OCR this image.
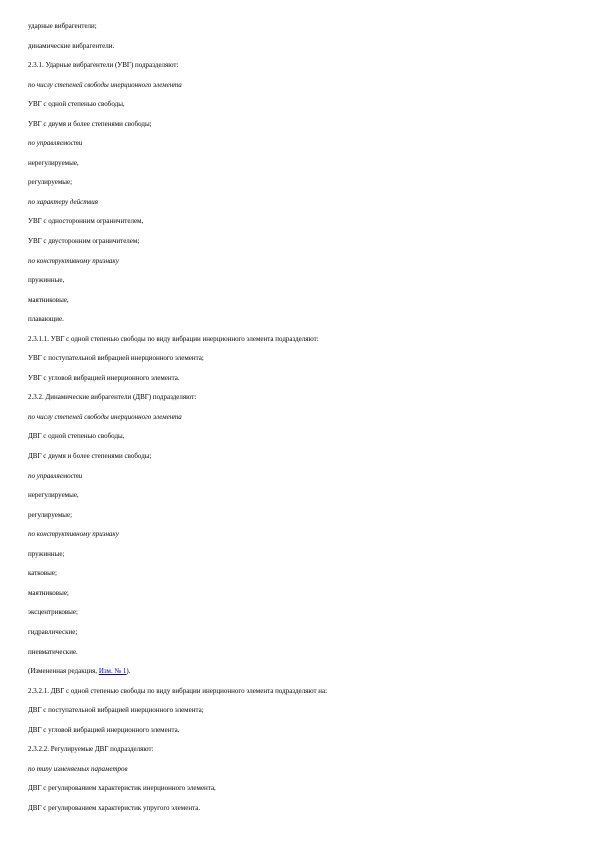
ударные вибрагентели;
динамические вибрагентели.
2.3.1. Ударные вибрагентели (УВГ) подразделяют:
по числу степеней свободы инерционного элемента
УВГ с одной степенью свободы,
УВГ с двумя и более степенями свободы;
по управляемости
нерегулируемые,
регулируемые;
по характеру действия
УВГ с односторонним ограничителем,
УВГ с двусторонним ограничителем;
по конструктивному признаку
пружинные,
маятниковые,
плавающие.
2.3.1.1. УВГ с одной степенью свободы по виду вибрации инерционного элемента подразделяют:
УВГ с поступательной вибрацией инерционного элемента;
УВГ с угловой вибрацией инерционного элемента.
2.3.2. Динамические вибрагентели (ДВГ) подразделяют:
по числу степеней свободы инерционного элемента
ДВГ с одной степенью свободы,
ДВГ с двумя и более степенями свободы;
по управляемости
нерегулируемые,
регулируемые;
по конструктивному признаку
пружинные;
катковые;
маятниковые;
эксцентриковые;
гидравлические;
пневматические.
(Измененная редакция, Изм. № 1).
2.3.2.1. ДВГ с одной степенью свободы по виду вибрации инерционного элемента подразделяют на:
ДВГ с поступательной вибрацией инерционного элемента;
ДВГ с угловой вибрацией инерционного элемента.
2.3.2.2. Регулируемые ДВГ подразделяют:
по типу изменяемых параметров
ДВГ с регулированием характеристик инерционного элемента,
ДВГ с регулированием характеристик упругого элемента.
